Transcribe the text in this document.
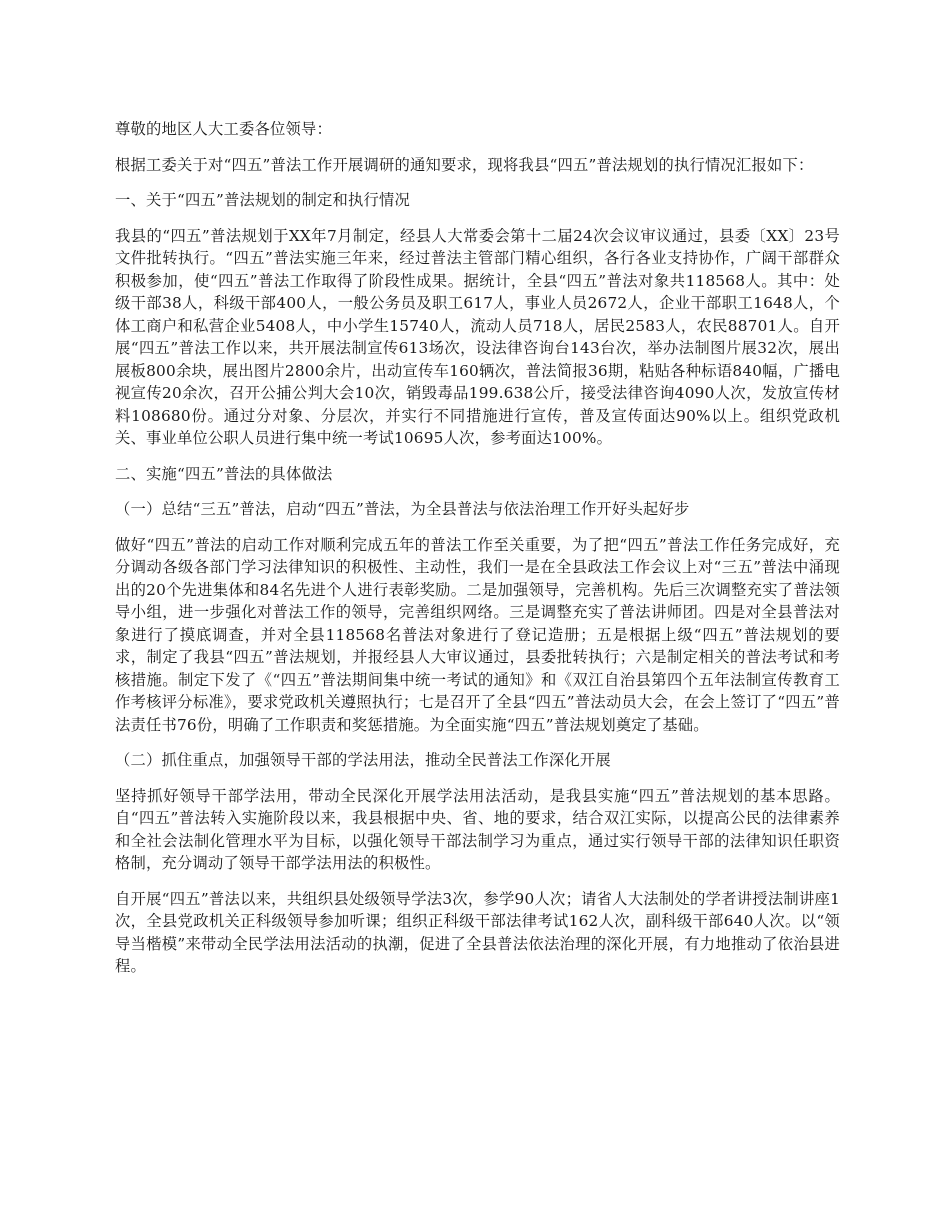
尊敬的地区人大工委各位领导：

根据工委关于对“四五”普法工作开展调研的通知要求，现将我县“四五”普法规划的执行情况汇报如下：

一、关于“四五”普法规划的制定和执行情况

我县的“四五”普法规划于XX年7月制定，经县人大常委会第十二届24次会议审议通过，县委〔XX〕23号文件批转执行。“四五”普法实施三年来，经过普法主管部门精心组织，各行各业支持协作，广阔干部群众积极参加，使“四五”普法工作取得了阶段性成果。据统计，全县“四五”普法对象共118568人。其中：处级干部38人，科级干部400人，一般公务员及职工617人，事业人员2672人，企业干部职工1648人，个体工商户和私营企业5408人，中小学生15740人，流动人员718人，居民2583人，农民88701人。自开展“四五”普法工作以来，共开展法制宣传613场次，设法律咨询台143台次，举办法制图片展32次，展出展板800余块，展出图片2800余片，出动宣传车160辆次，普法简报36期，粘贴各种标语840幅，广播电视宣传20余次，召开公捕公判大会10次，销毁毒品199.638公斤，接受法律咨询4090人次，发放宣传材料108680份。通过分对象、分层次，并实行不同措施进行宣传，普及宣传面达90%以上。组织党政机关、事业单位公职人员进行集中统一考试10695人次，参考面达100%。

二、实施“四五”普法的具体做法

（一）总结“三五”普法，启动“四五”普法，为全县普法与依法治理工作开好头起好步

做好“四五”普法的启动工作对顺利完成五年的普法工作至关重要，为了把“四五”普法工作任务完成好，充分调动各级各部门学习法律知识的积极性、主动性，我们一是在全县政法工作会议上对“三五”普法中涌现出的20个先进集体和84名先进个人进行表彰奖励。二是加强领导，完善机构。先后三次调整充实了普法领导小组，进一步强化对普法工作的领导，完善组织网络。三是调整充实了普法讲师团。四是对全县普法对象进行了摸底调查，并对全县118568名普法对象进行了登记造册；五是根据上级“四五”普法规划的要求，制定了我县“四五”普法规划，并报经县人大审议通过，县委批转执行；六是制定相关的普法考试和考核措施。制定下发了《“四五”普法期间集中统一考试的通知》和《双江自治县第四个五年法制宣传教育工作考核评分标准》，要求党政机关遵照执行；七是召开了全县“四五”普法动员大会，在会上签订了“四五”普法责任书76份，明确了工作职责和奖惩措施。为全面实施“四五”普法规划奠定了基础。

（二）抓住重点，加强领导干部的学法用法，推动全民普法工作深化开展

坚持抓好领导干部学法用，带动全民深化开展学法用法活动，是我县实施“四五”普法规划的基本思路。自“四五”普法转入实施阶段以来，我县根据中央、省、地的要求，结合双江实际，以提高公民的法律素养和全社会法制化管理水平为目标，以强化领导干部法制学习为重点，通过实行领导干部的法律知识任职资格制，充分调动了领导干部学法用法的积极性。

自开展“四五”普法以来，共组织县处级领导学法3次，参学90人次；请省人大法制处的学者讲授法制讲座1次，全县党政机关正科级领导参加听课；组织正科级干部法律考试162人次，副科级干部640人次。以“领导当楷模”来带动全民学法用法活动的执潮，促进了全县普法依法治理的深化开展，有力地推动了依治县进程。
